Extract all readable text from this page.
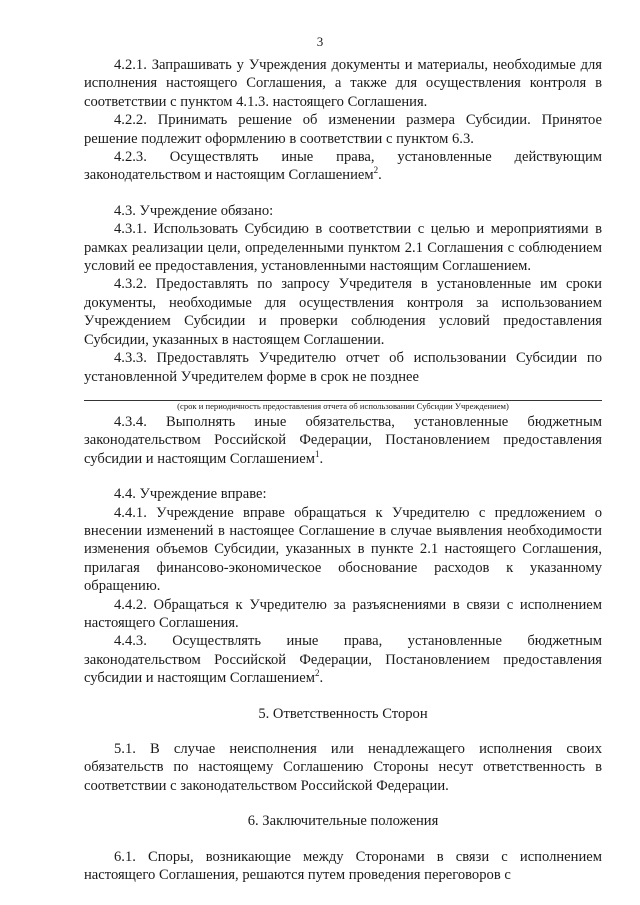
3

4.2.1. Запрашивать у Учреждения документы и материалы, необходимые для исполнения настоящего Соглашения, а также для осуществления контроля в соответствии с пунктом 4.1.3. настоящего Соглашения.

4.2.2. Принимать решение об изменении размера Субсидии. Принятое решение подлежит оформлению в соответствии с пунктом 6.3.

4.2.3. Осуществлять иные права, установленные действующим законодательством и настоящим Соглашением$^2$.

4.3. Учреждение обязано:

4.3.1. Использовать Субсидию в соответствии с целью и мероприятиями в рамках реализации цели, определенными пунктом 2.1 Соглашения с соблюдением условий ее предоставления, установленными настоящим Соглашением.

4.3.2. Предоставлять по запросу Учредителя в установленные им сроки документы, необходимые для осуществления контроля за использованием Учреждением Субсидии и проверки соблюдения условий предоставления Субсидии, указанных в настоящем Соглашении.

4.3.3. Предоставлять Учредителю отчет об использовании Субсидии по установленной Учредителем форме в срок не позднее

(срок и периодичность предоставления отчета об использовании Субсидии Учреждением)

4.3.4. Выполнять иные обязательства, установленные бюджетным законодательством Российской Федерации, Постановлением предоставления субсидии и настоящим Соглашением$^1$.

4.4. Учреждение вправе:

4.4.1. Учреждение вправе обращаться к Учредителю с предложением о внесении изменений в настоящее Соглашение в случае выявления необходимости изменения объемов Субсидии, указанных в пункте 2.1 настоящего Соглашения, прилагая финансово-экономическое обоснование расходов к указанному обращению.

4.4.2. Обращаться к Учредителю за разъяснениями в связи с исполнением настоящего Соглашения.

4.4.3. Осуществлять иные права, установленные бюджетным законодательством Российской Федерации, Постановлением предоставления субсидии и настоящим Соглашением$^2$.

5. Ответственность Сторон

5.1. В случае неисполнения или ненадлежащего исполнения своих обязательств по настоящему Соглашению Стороны несут ответственность в соответствии с законодательством Российской Федерации.

6. Заключительные положения

6.1. Споры, возникающие между Сторонами в связи с исполнением настоящего Соглашения, решаются путем проведения переговоров с
